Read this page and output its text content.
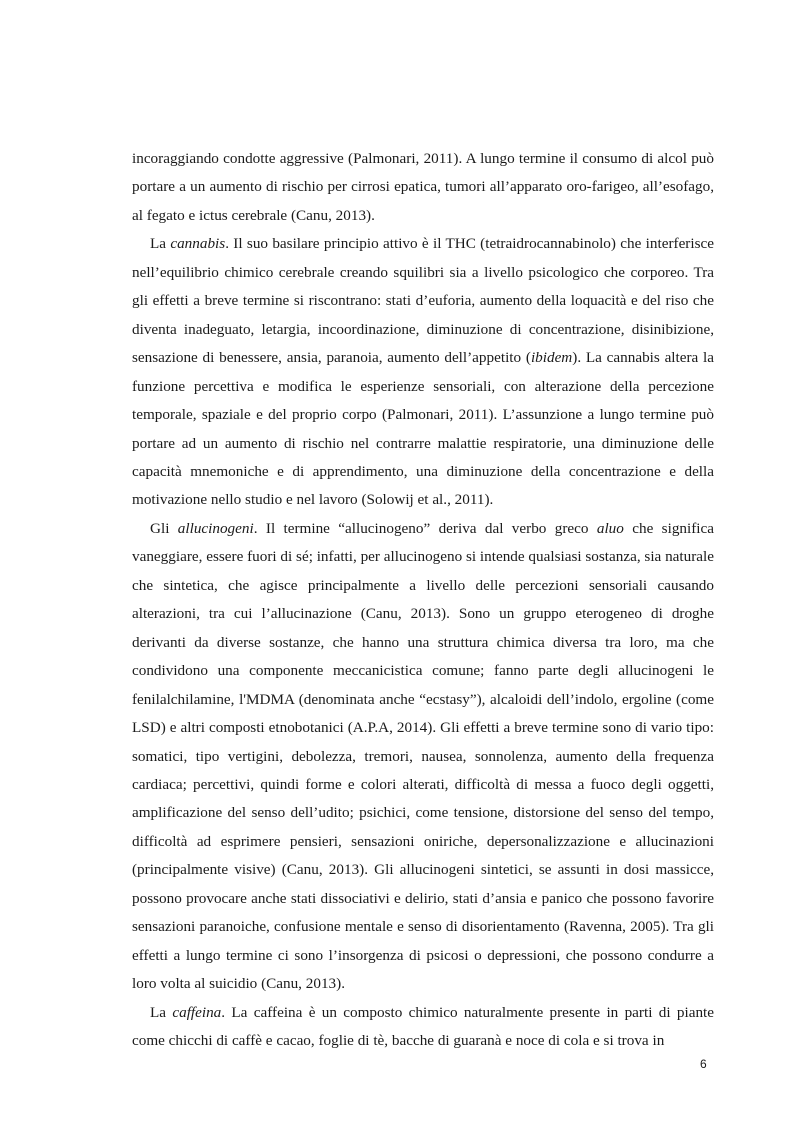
incoraggiando condotte aggressive (Palmonari, 2011). A lungo termine il consumo di alcol può portare a un aumento di rischio per cirrosi epatica, tumori all’apparato oro-farigeo, all’esofago, al fegato e ictus cerebrale (Canu, 2013).

La cannabis. Il suo basilare principio attivo è il THC (tetraidrocannabinolo) che interferisce nell’equilibrio chimico cerebrale creando squilibri sia a livello psicologico che corporeo. Tra gli effetti a breve termine si riscontrano: stati d’euforia, aumento della loquacità e del riso che diventa inadeguato, letargia, incoordinazione, diminuzione di concentrazione, disinibizione, sensazione di benessere, ansia, paranoia, aumento dell’appetito (ibidem). La cannabis altera la funzione percettiva e modifica le esperienze sensoriali, con alterazione della percezione temporale, spaziale e del proprio corpo (Palmonari, 2011). L’assunzione a lungo termine può portare ad un aumento di rischio nel contrarre malattie respiratorie, una diminuzione delle capacità mnemoniche e di apprendimento, una diminuzione della concentrazione e della motivazione nello studio e nel lavoro (Solowij et al., 2011).

Gli allucinogeni. Il termine “allucinogeno” deriva dal verbo greco aluo che significa vaneggiare, essere fuori di sé; infatti, per allucinogeno si intende qualsiasi sostanza, sia naturale che sintetica, che agisce principalmente a livello delle percezioni sensoriali causando alterazioni, tra cui l’allucinazione (Canu, 2013). Sono un gruppo eterogeneo di droghe derivanti da diverse sostanze, che hanno una struttura chimica diversa tra loro, ma che condividono una componente meccanicistica comune; fanno parte degli allucinogeni le fenilalchilamine, l'MDMA (denominata anche “ecstasy”), alcaloidi dell’indolo, ergoline (come LSD) e altri composti etnobotanici (A.P.A, 2014). Gli effetti a breve termine sono di vario tipo: somatici, tipo vertigini, debolezza, tremori, nausea, sonnolenza, aumento della frequenza cardiaca; percettivi, quindi forme e colori alterati, difficoltà di messa a fuoco degli oggetti, amplificazione del senso dell’udito; psichici, come tensione, distorsione del senso del tempo, difficoltà ad esprimere pensieri, sensazioni oniriche, depersonalizzazione e allucinazioni (principalmente visive) (Canu, 2013). Gli allucinogeni sintetici, se assunti in dosi massicce, possono provocare anche stati dissociativi e delirio, stati d’ansia e panico che possono favorire sensazioni paranoiche, confusione mentale e senso di disorientamento (Ravenna, 2005). Tra gli effetti a lungo termine ci sono l’insorgenza di psicosi o depressioni, che possono condurre a loro volta al suicidio (Canu, 2013).

La caffeina. La caffeina è un composto chimico naturalmente presente in parti di piante come chicchi di caffè e cacao, foglie di tè, bacche di guaranà e noce di cola e si trova in

6
